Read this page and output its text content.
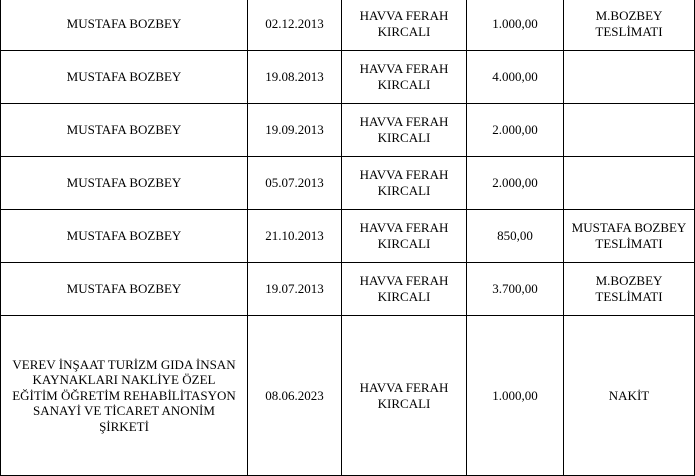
MUSTAFA BOZBEY	02.12.2013	HAVVA FERAH KIRCALI	1.000,00	M.BOZBEY TESLİMATI
MUSTAFA BOZBEY	19.08.2013	HAVVA FERAH KIRCALI	4.000,00	
MUSTAFA BOZBEY	19.09.2013	HAVVA FERAH KIRCALI	2.000,00	
MUSTAFA BOZBEY	05.07.2013	HAVVA FERAH KIRCALI	2.000,00	
MUSTAFA BOZBEY	21.10.2013	HAVVA FERAH KIRCALI	850,00	MUSTAFA BOZBEY TESLİMATI
MUSTAFA BOZBEY	19.07.2013	HAVVA FERAH KIRCALI	3.700,00	M.BOZBEY TESLİMATI
VEREV İNŞAAT TURİZM GIDA İNSAN KAYNAKLARI NAKLİYE ÖZEL EĞİTİM ÖĞRETİM REHABİLİTASYON SANAYİ VE TİCARET ANONİM ŞİRKETİ	08.06.2023	HAVVA FERAH KIRCALI	1.000,00	NAKİT
